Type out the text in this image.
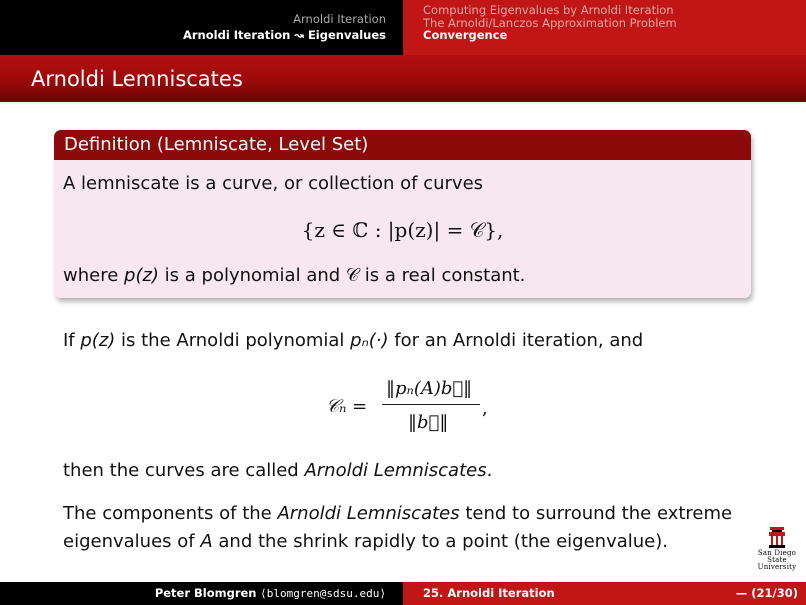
Arnoldi Iteration
Arnoldi Iteration ↝ Eigenvalues
Computing Eigenvalues by Arnoldi Iteration
The Arnoldi/Lanczos Approximation Problem
Convergence
Arnoldi Lemniscates
Definition (Lemniscate, Level Set)
A lemniscate is a curve, or collection of curves
{z ∈ ℂ : |p(z)| = 𝒞},
where p(z) is a polynomial and 𝒞 is a real constant.
If p(z) is the Arnoldi polynomial pₙ(·) for an Arnoldi iteration, and
𝒞ₙ =
‖pₙ(A)b⃗‖
‖b⃗‖
,
then the curves are called Arnoldi Lemniscates.
The components of the Arnoldi Lemniscates tend to surround the extreme eigenvalues of A and the shrink rapidly to a point (the eigenvalue).
San Diego State
University
Peter Blomgren ⟨blomgren@sdsu.edu⟩	25. Arnoldi Iteration	— (21/30)
